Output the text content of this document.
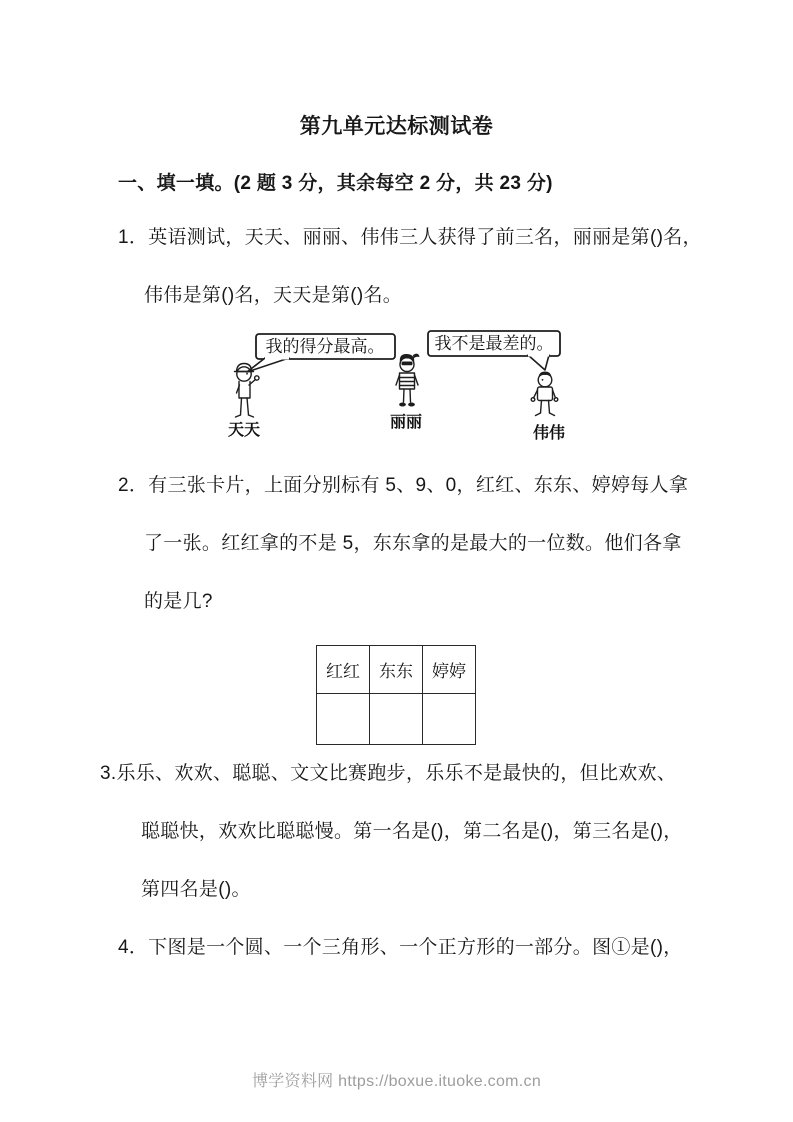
第九单元达标测试卷
一、填一填。(2 题 3 分，其余每空 2 分，共 23 分)
1．英语测试，天天、丽丽、伟伟三人获得了前三名，丽丽是第()名，
伟伟是第()名，天天是第()名。
我的得分最高。	我不是最差的。
天天	丽丽
伟伟
2．有三张卡片，上面分别标有 5、9、0，红红、东东、婷婷每人拿
了一张。红红拿的不是 5，东东拿的是最大的一位数。他们各拿
的是几?
红红	东东	婷婷

3.乐乐、欢欢、聪聪、文文比赛跑步，乐乐不是最快的，但比欢欢、
聪聪快，欢欢比聪聪慢。第一名是()，第二名是()，第三名是()，
第四名是()。
4．下图是一个圆、一个三角形、一个正方形的一部分。图①是()，
博学资料网 https://boxue.ituoke.com.cn
